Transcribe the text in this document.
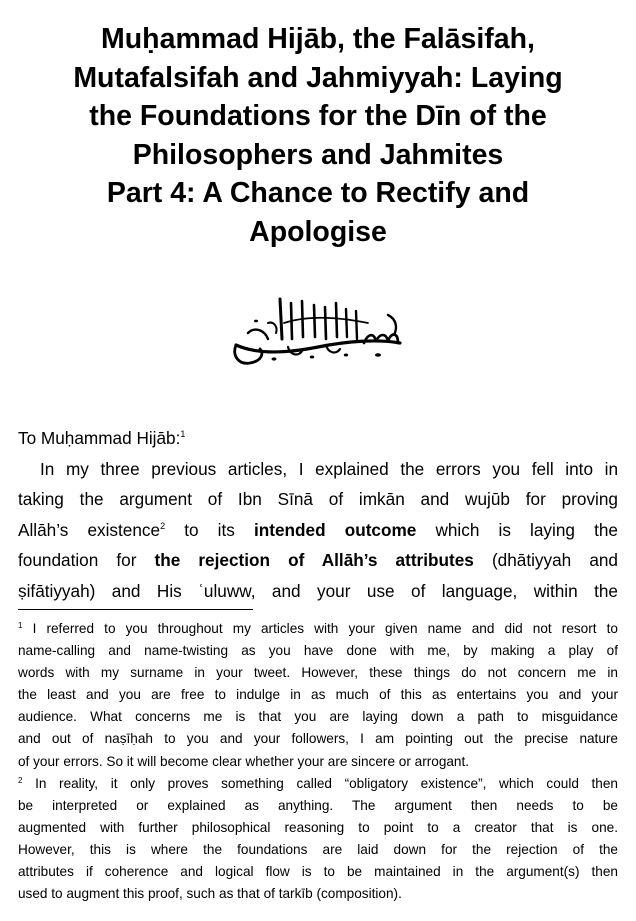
Muḥammad Hijāb, the Falāsifah,
Mutafalsifah and Jahmiyyah: Laying
the Foundations for the Dīn of the
Philosophers and Jahmites
Part 4: A Chance to Rectify and
Apologise
To Muḥammad Hijāb:$^1$
In my three previous articles, I explained the errors you fell into in
taking the argument of Ibn Sīnā of imkān and wujūb for proving
Allāh’s existence$^2$ to its intended outcome which is laying the
foundation for the rejection of Allāh’s attributes (dhātiyyah and
ṣifātiyyah) and His ʿuluww, and your use of language, within the
$^1$ I referred to you throughout my articles with your given name and did not resort to
name-calling and name-twisting as you have done with me, by making a play of
words with my surname in your tweet. However, these things do not concern me in
the least and you are free to indulge in as much of this as entertains you and your
audience. What concerns me is that you are laying down a path to misguidance
and out of naṣīḥah to you and your followers, I am pointing out the precise nature
of your errors. So it will become clear whether your are sincere or arrogant.
$^2$ In reality, it only proves something called “obligatory existence”, which could then
be interpreted or explained as anything. The argument then needs to be
augmented with further philosophical reasoning to point to a creator that is one.
However, this is where the foundations are laid down for the rejection of the
attributes if coherence and logical flow is to be maintained in the argument(s) then
used to augment this proof, such as that of tarkīb (composition).
